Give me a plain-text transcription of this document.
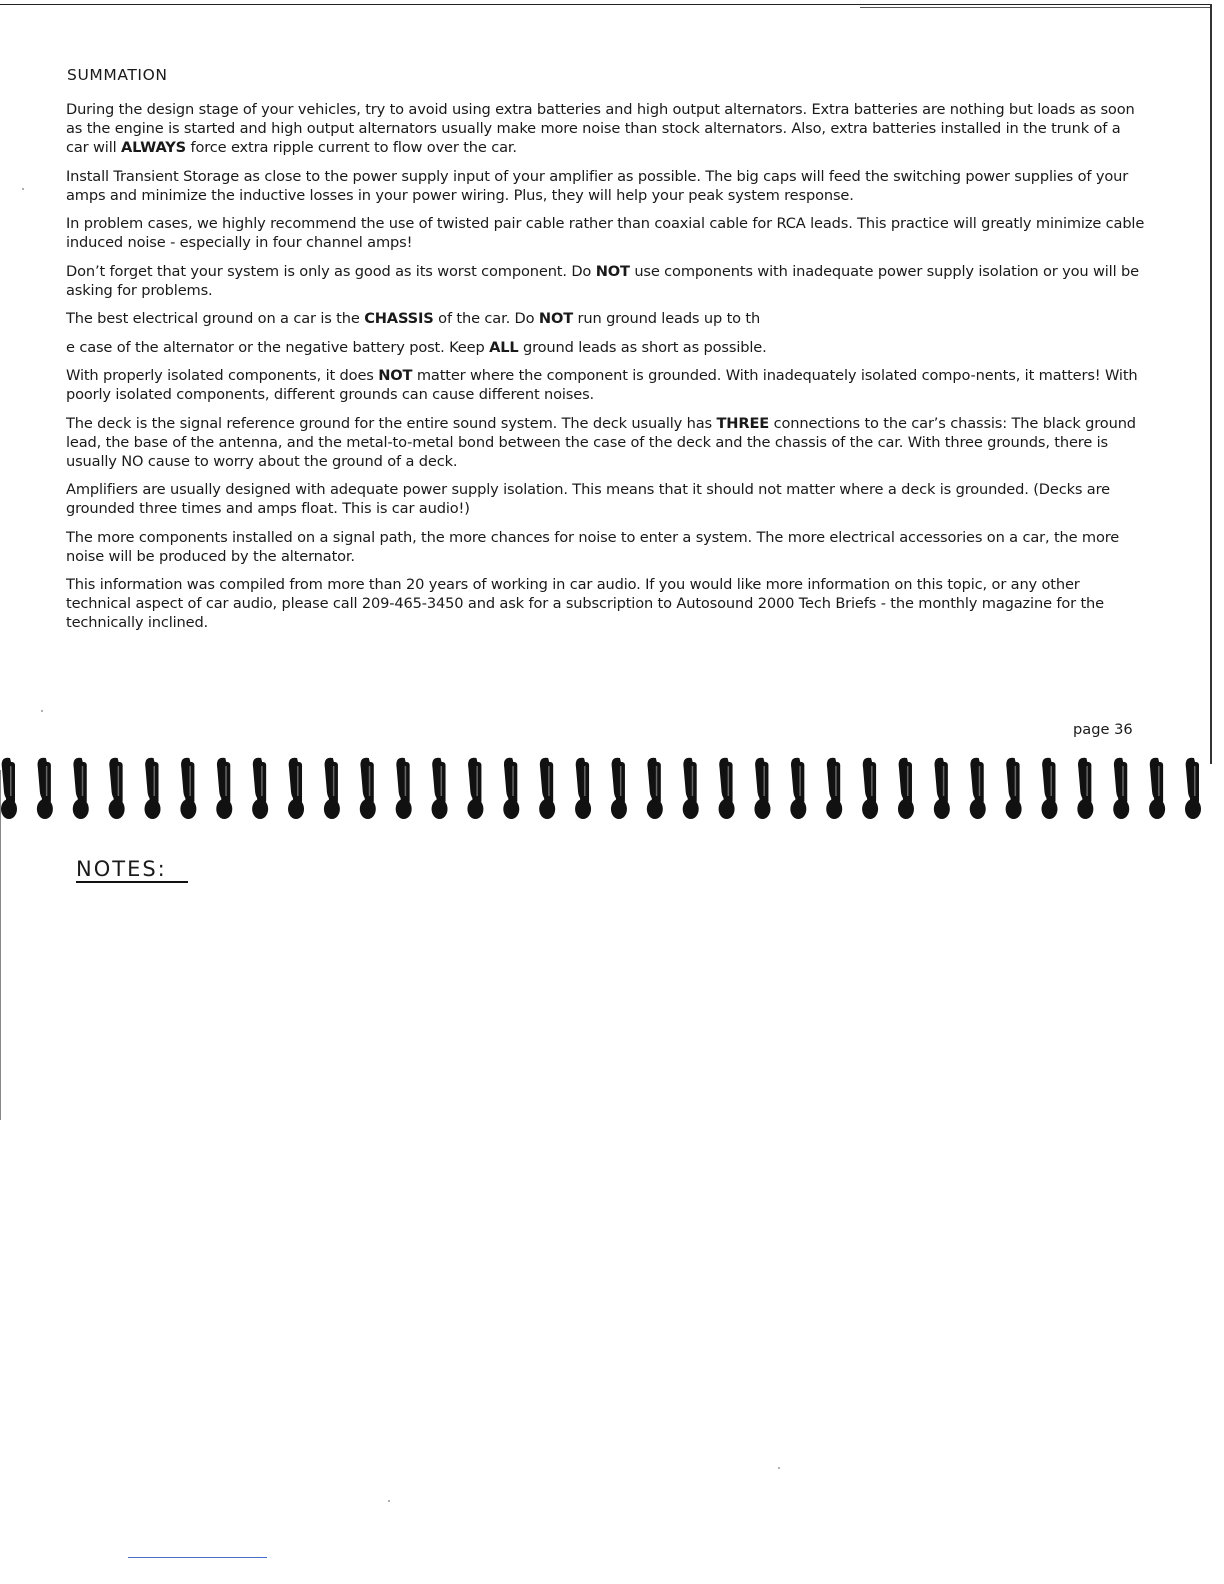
SUMMATION

During the design stage of your vehicles, try to avoid using extra batteries and high output alternators. Extra batteries are nothing but loads as soon as the engine is started and high output alternators usually make more noise than stock alternators. Also, extra batteries installed in the trunk of a car will ALWAYS force extra ripple current to flow over the car.

Install Transient Storage as close to the power supply input of your amplifier as possible. The big caps will feed the switching power supplies of your amps and minimize the inductive losses in your power wiring. Plus, they will help your peak system response.

In problem cases, we highly recommend the use of twisted pair cable rather than coaxial cable for RCA leads. This practice will greatly minimize cable induced noise - especially in four channel amps!

Don’t forget that your system is only as good as its worst component. Do NOT use components with inadequate power supply isolation or you will be asking for problems.

The best electrical ground on a car is the CHASSIS of the car. Do NOT run ground leads up to th

e case of the alternator or the negative battery post. Keep ALL ground leads as short as possible.

With properly isolated components, it does NOT matter where the component is grounded. With inadequately isolated compo-nents, it matters! With poorly isolated components, different grounds can cause different noises.

The deck is the signal reference ground for the entire sound system. The deck usually has THREE connections to the car’s chassis: The black ground lead, the base of the antenna, and the metal-to-metal bond between the case of the deck and the chassis of the car. With three grounds, there is usually NO cause to worry about the ground of a deck.

Amplifiers are usually designed with adequate power supply isolation. This means that it should not matter where a deck is grounded. (Decks are grounded three times and amps float. This is car audio!)

The more components installed on a signal path, the more chances for noise to enter a system. The more electrical accessories on a car, the more noise will be produced by the alternator.

This information was compiled from more than 20 years of working in car audio. If you would like more information on this topic, or any other technical aspect of car audio, please call 209-465-3450 and ask for a subscription to Autosound 2000 Tech Briefs - the monthly magazine for the technically inclined.

page 36
NOTES:
